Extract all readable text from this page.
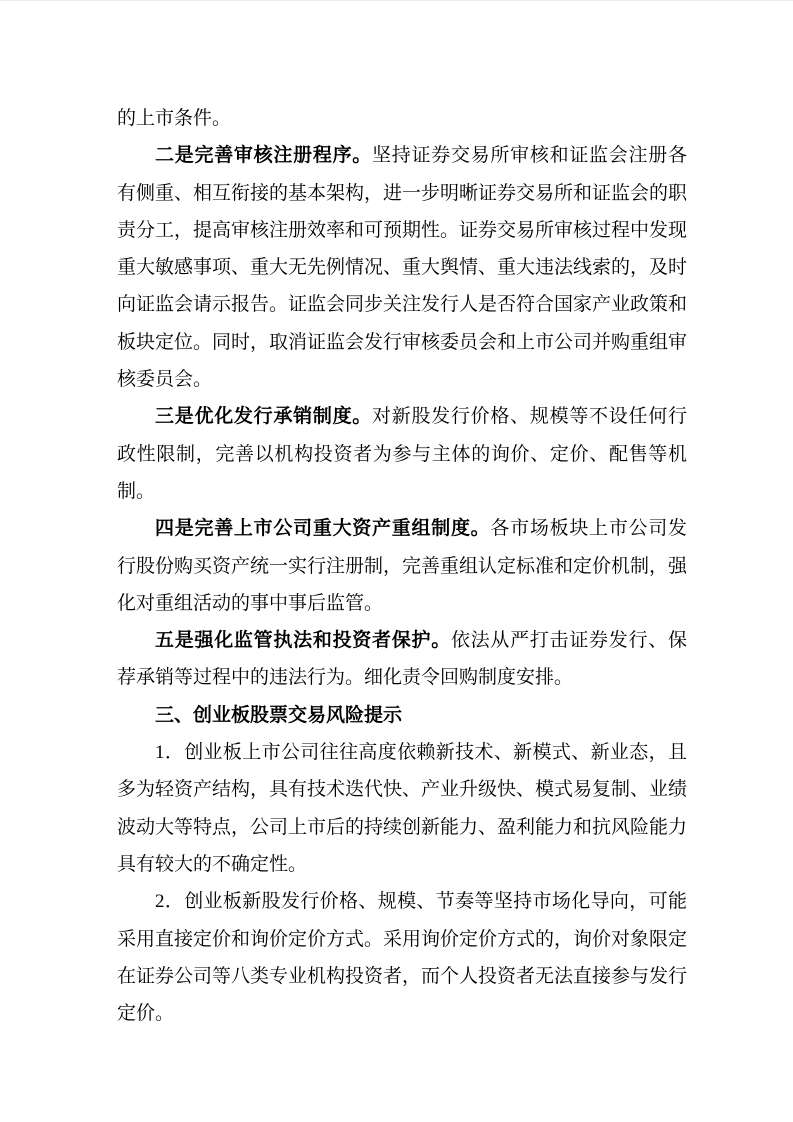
的上市条件。

二是完善审核注册程序。坚持证券交易所审核和证监会注册各有侧重、相互衔接的基本架构，进一步明晰证券交易所和证监会的职责分工，提高审核注册效率和可预期性。证券交易所审核过程中发现重大敏感事项、重大无先例情况、重大舆情、重大违法线索的，及时向证监会请示报告。证监会同步关注发行人是否符合国家产业政策和板块定位。同时，取消证监会发行审核委员会和上市公司并购重组审核委员会。

三是优化发行承销制度。对新股发行价格、规模等不设任何行政性限制，完善以机构投资者为参与主体的询价、定价、配售等机制。

四是完善上市公司重大资产重组制度。各市场板块上市公司发行股份购买资产统一实行注册制，完善重组认定标准和定价机制，强化对重组活动的事中事后监管。

五是强化监管执法和投资者保护。依法从严打击证券发行、保荐承销等过程中的违法行为。细化责令回购制度安排。

三、创业板股票交易风险提示

1．创业板上市公司往往高度依赖新技术、新模式、新业态，且多为轻资产结构，具有技术迭代快、产业升级快、模式易复制、业绩波动大等特点，公司上市后的持续创新能力、盈利能力和抗风险能力具有较大的不确定性。

2．创业板新股发行价格、规模、节奏等坚持市场化导向，可能采用直接定价和询价定价方式。采用询价定价方式的，询价对象限定在证券公司等八类专业机构投资者，而个人投资者无法直接参与发行定价。
